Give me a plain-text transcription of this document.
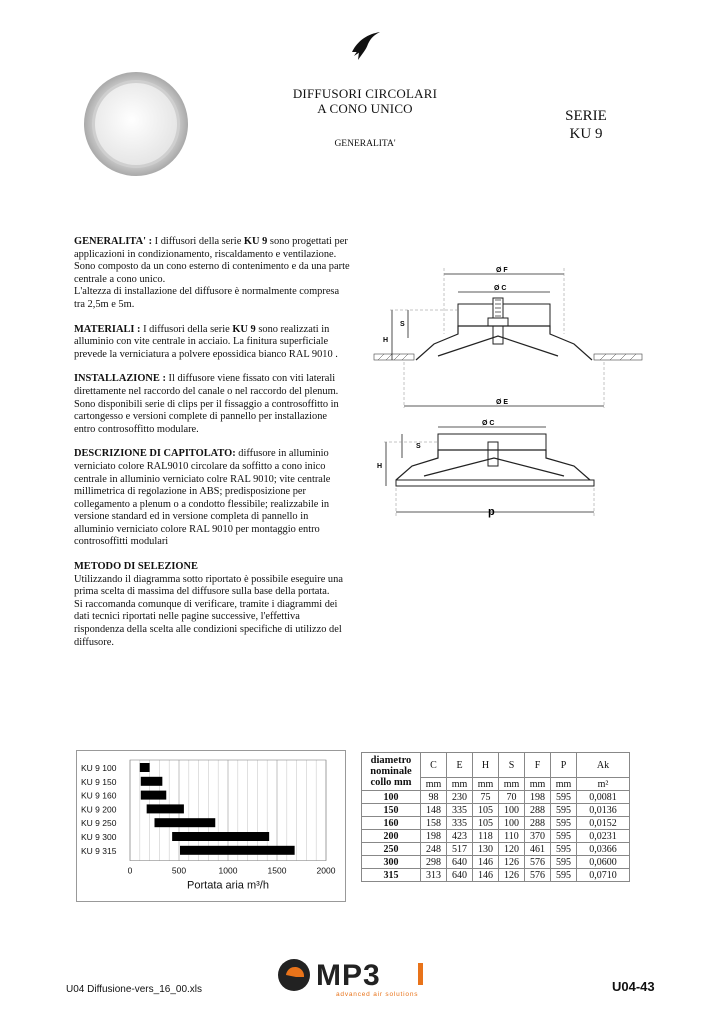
DIFFUSORI CIRCOLARI
A CONO UNICO
GENERALITA'
SERIE
KU 9

GENERALITA' : I diffusori della serie KU 9 sono progettati per applicazioni in condizionamento, riscaldamento e ventilazione. Sono composto da un cono esterno di contenimento e da una parte centrale a cono unico.
L'altezza di installazione del diffusore è normalmente compresa tra 2,5m e 5m.

MATERIALI : I diffusori della serie KU 9 sono realizzati in alluminio con vite centrale in acciaio. La finitura superficiale prevede la verniciatura a polvere epossidica bianco RAL 9010 .

INSTALLAZIONE : Il diffusore viene fissato con viti laterali direttamente nel raccordo del canale o nel raccordo del plenum. Sono disponibili serie di clips per il fissaggio a controsoffitto in cartongesso e versioni complete di pannello per installazione entro controsoffitto modulare.

DESCRIZIONE DI CAPITOLATO: diffusore in alluminio verniciato colore RAL9010 circolare da soffitto a cono inico centrale in alluminio verniciato colre RAL 9010; vite centrale millimetrica di regolazione in ABS; predisposizione per collegamento a plenum o a condotto flessibile; realizzabile in versione standard ed in versione completa di pannello in alluminio verniciato colore RAL 9010 per montaggio entro controsoffitti modulari

METODO DI SELEZIONE
Utilizzando il diagramma sotto riportato è possibile eseguire una prima scelta di massima del diffusore sulla base della portata.
Si raccomanda comunque di verificare, tramite i diagrammi dei dati tecnici riportati nelle pagine successive, l'effettiva rispondenza della scelta alle condizioni specifiche di utilizzo del diffusore.

Ø F
Ø C
S
H
Ø E
Ø C
S
H
p
KU 9 100
KU 9 150
KU 9 160
KU 9 200
KU 9 250
KU 9 300
KU 9 315
0	500	1000	1500	2000
Portata aria m³/h
diametro
nominale
collo mm	C	E	H	S	F	P	Ak
	mm	mm	mm	mm	mm	mm	m²
100	98	230	75	70	198	595	0,0081
150	148	335	105	100	288	595	0,0136
160	158	335	105	100	288	595	0,0152
200	198	423	118	110	370	595	0,0231
250	248	517	130	120	461	595	0,0366
300	298	640	146	126	576	595	0,0600
315	313	640	146	126	576	595	0,0710
U04 Diffusione-vers_16_00.xls	MP3
advanced air solutions
U04-43
